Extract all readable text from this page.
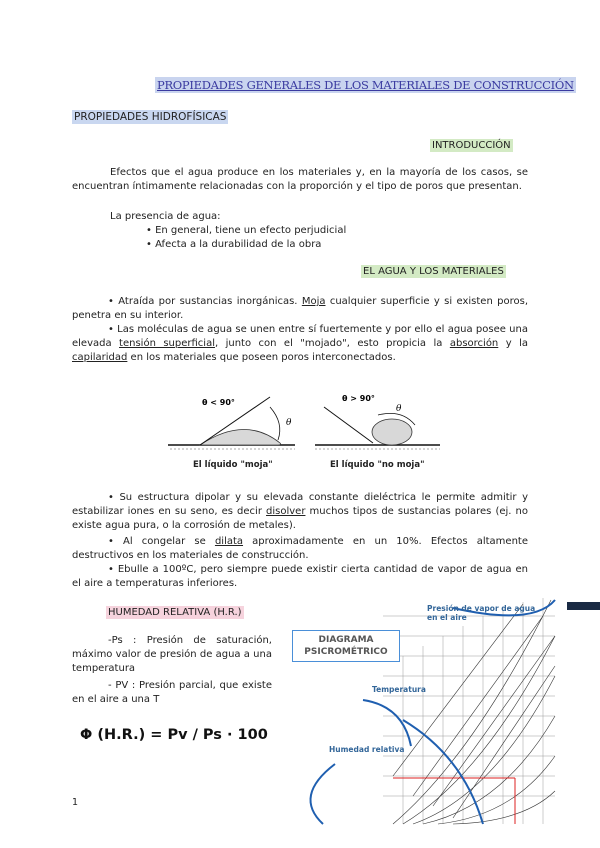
PROPIEDADES GENERALES DE LOS MATERIALES DE CONSTRUCCIÓN
PROPIEDADES HIDROFÍSICAS
INTRODUCCIÓN
Efectos que el agua produce en los materiales y, en la mayoría de los casos, se encuentran íntimamente relacionadas con la proporción y el tipo de poros que presentan.
La presencia de agua:
• En general, tiene un efecto perjudicial
• Afecta a la durabilidad de la obra
EL AGUA Y LOS MATERIALES
• Atraída por sustancias inorgánicas. Moja cualquier superficie y si existen poros, penetra en su interior.
• Las moléculas de agua se unen entre sí fuertemente y por ello el agua posee una elevada tensión superficial, junto con el "mojado", esto propicia la absorción y la capilaridad en los materiales que poseen poros interconectados.
θ < 90°
θ
θ > 90°
θ
El líquido "moja"	El líquido "no moja"
• Su estructura dipolar y su elevada constante dieléctrica le permite admitir y estabilizar iones en su seno, es decir disolver muchos tipos de sustancias polares (ej. no existe agua pura, o la corrosión de metales).
• Al congelar se dilata aproximadamente en un 10%. Efectos altamente destructivos en los materiales de construcción.
• Ebulle a 100ºC, pero siempre puede existir cierta cantidad de vapor de agua en el aire a temperaturas inferiores.
HUMEDAD RELATIVA (H.R.)
-Ps : Presión de saturación, máximo valor de presión de agua a una temperatura
- PV : Presión parcial, que existe en el aire a una T
Φ (H.R.) = Pv / Ps · 100
DIAGRAMA PSICROMÉTRICO
Presión de vapor de agua en el aire
Temperatura
Humedad relativa
1
